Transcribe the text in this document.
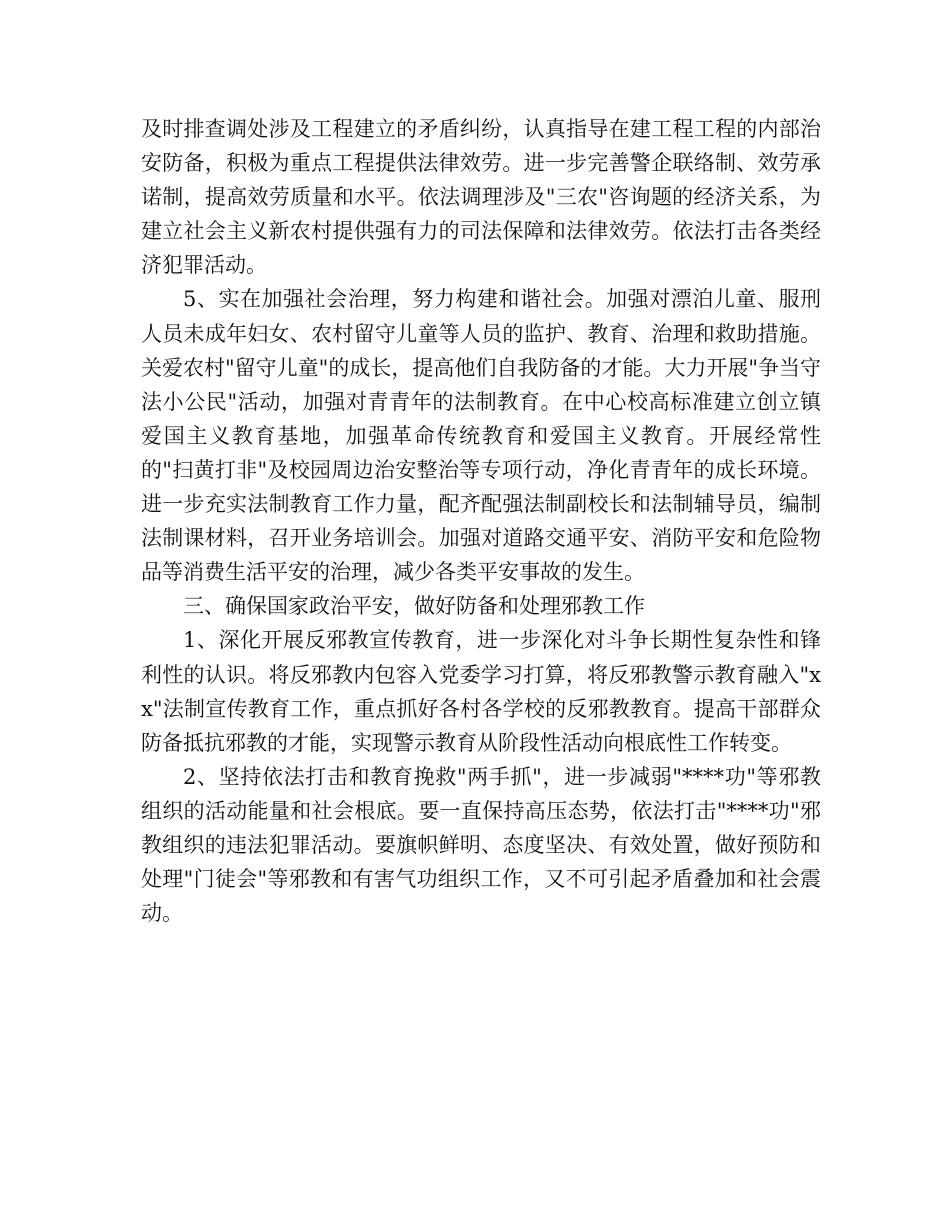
及时排查调处涉及工程建立的矛盾纠纷，认真指导在建工程工程的内部治安防备，积极为重点工程提供法律效劳。进一步完善警企联络制、效劳承诺制，提高效劳质量和水平。依法调理涉及"三农"咨询题的经济关系，为建立社会主义新农村提供强有力的司法保障和法律效劳。依法打击各类经济犯罪活动。

5、实在加强社会治理，努力构建和谐社会。加强对漂泊儿童、服刑人员未成年妇女、农村留守儿童等人员的监护、教育、治理和救助措施。关爱农村"留守儿童"的成长，提高他们自我防备的才能。大力开展"争当守法小公民"活动，加强对青青年的法制教育。在中心校高标准建立创立镇爱国主义教育基地，加强革命传统教育和爱国主义教育。开展经常性的"扫黄打非"及校园周边治安整治等专项行动，净化青青年的成长环境。进一步充实法制教育工作力量，配齐配强法制副校长和法制辅导员，编制法制课材料，召开业务培训会。加强对道路交通平安、消防平安和危险物品等消费生活平安的治理，减少各类平安事故的发生。

三、确保国家政治平安，做好防备和处理邪教工作

1、深化开展反邪教宣传教育，进一步深化对斗争长期性复杂性和锋利性的认识。将反邪教内包容入党委学习打算，将反邪教警示教育融入"xx"法制宣传教育工作，重点抓好各村各学校的反邪教教育。提高干部群众防备抵抗邪教的才能，实现警示教育从阶段性活动向根底性工作转变。

2、坚持依法打击和教育挽救"两手抓"，进一步减弱"****功"等邪教组织的活动能量和社会根底。要一直保持高压态势，依法打击"****功"邪教组织的违法犯罪活动。要旗帜鲜明、态度坚决、有效处置，做好预防和处理"门徒会"等邪教和有害气功组织工作，又不可引起矛盾叠加和社会震动。
